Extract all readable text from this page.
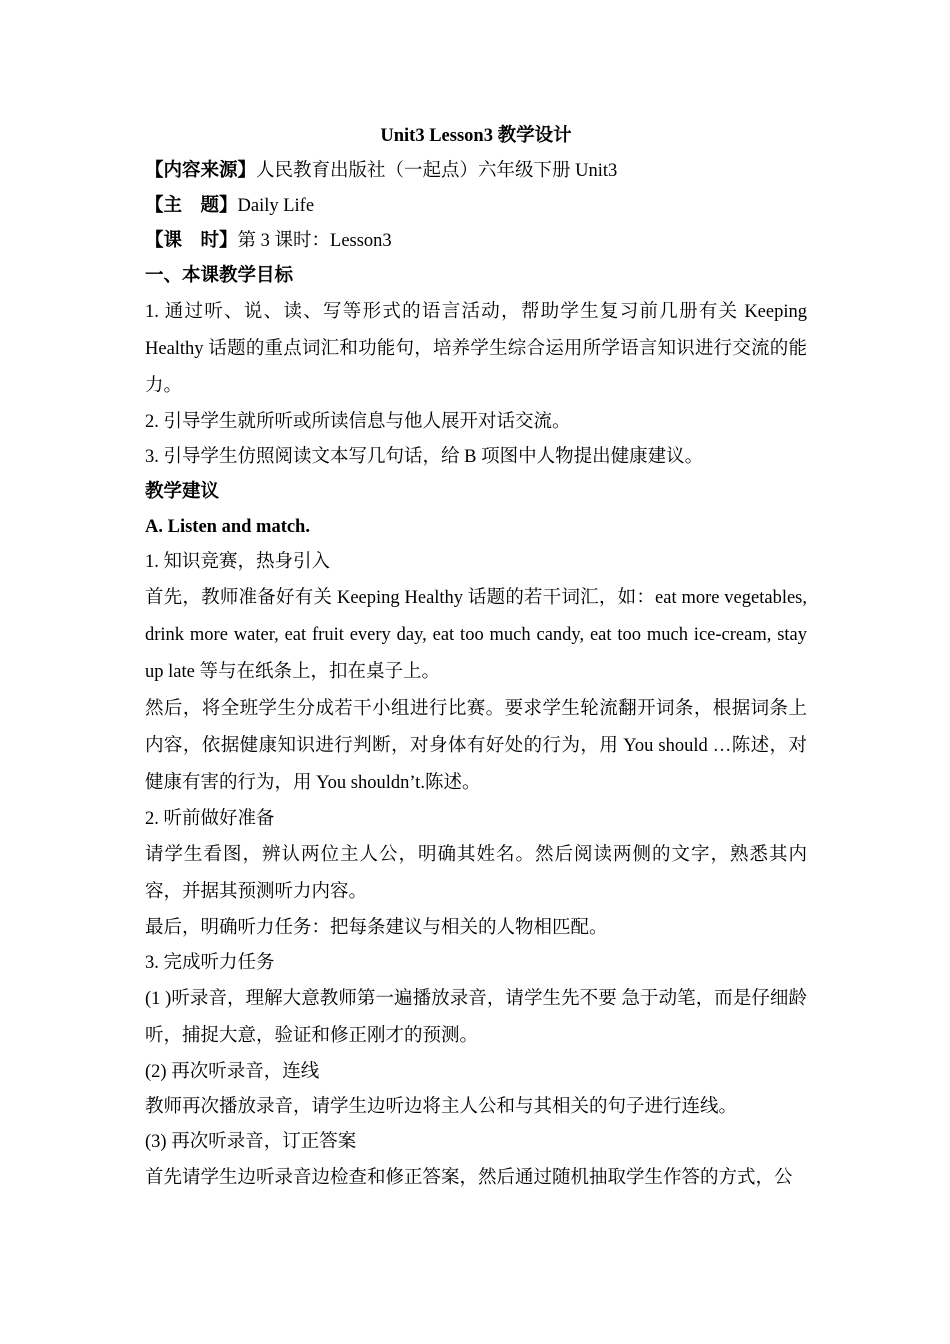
Unit3 Lesson3 教学设计

【内容来源】人民教育出版社（一起点）六年级下册 Unit3

【主　题】Daily Life

【课　时】第 3 课时：Lesson3

一、本课教学目标

1. 通过听、说、读、写等形式的语言活动，帮助学生复习前几册有关 Keeping Healthy 话题的重点词汇和功能句，培养学生综合运用所学语言知识进行交流的能力。

2. 引导学生就所听或所读信息与他人展开对话交流。

3. 引导学生仿照阅读文本写几句话，给 B 项图中人物提出健康建议。

教学建议

A. Listen and match.

1. 知识竞赛，热身引入

首先，教师准备好有关 Keeping Healthy 话题的若干词汇，如：eat more vegetables, drink more water, eat fruit every day, eat too much candy, eat too much ice-cream, stay up late 等与在纸条上，扣在桌子上。

然后，将全班学生分成若干小组进行比赛。要求学生轮流翻开词条，根据词条上内容，依据健康知识进行判断，对身体有好处的行为，用 You should …陈述，对健康有害的行为，用 You shouldn’t.陈述。

2. 听前做好准备

请学生看图，辨认两位主人公，明确其姓名。然后阅读两侧的文字，熟悉其内 容，并据其预测听力内容。

最后，明确听力任务：把每条建议与相关的人物相匹配。

3. 完成听力任务

(1 )听录音，理解大意教师第一遍播放录音，请学生先不要 急于动笔，而是仔细龄听，捕捉大意，验证和修正刚才的预测。

(2) 再次听录音，连线

教师再次播放录音，请学生边听边将主人公和与其相关的句子进行连线。

(3) 再次听录音，订正答案

首先请学生边听录音边检查和修正答案，然后通过随机抽取学生作答的方式，公
